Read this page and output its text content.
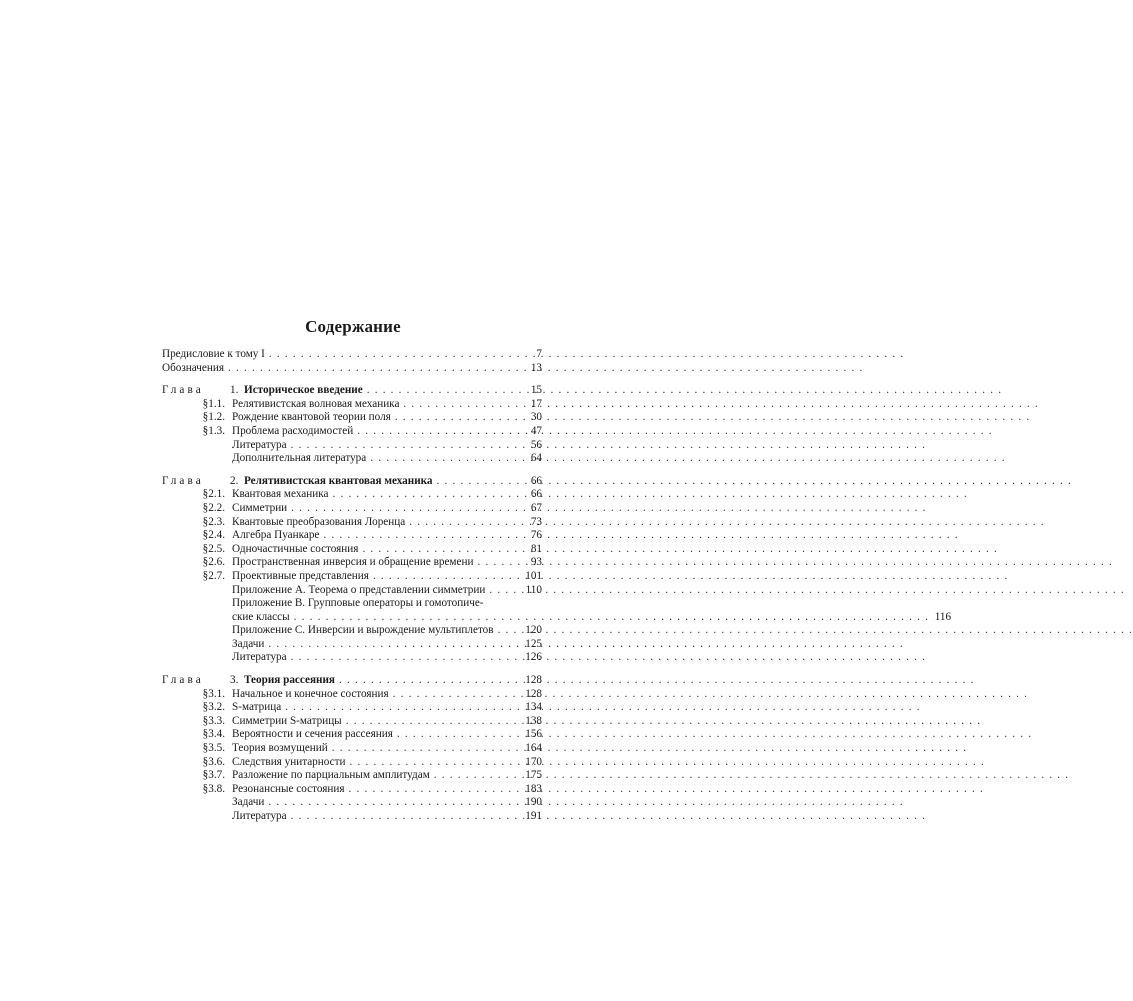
Содержание
Предисловие к тому I . . .	7
Обозначения . . .	13
Глава	1. Историческое введение . . .	15
§1.1. Релятивистская волновая механика . . .	17
§1.2. Рождение квантовой теории поля . . .	30
§1.3. Проблема расходимостей . . .	47
Литература . . .	56
Дополнительная литература . . .	64
Глава	2. Релятивистская квантовая механика . . .	66
§2.1. Квантовая механика . . .	66
§2.2. Симметрии . . .	67
§2.3. Квантовые преобразования Лоренца . . .	73
§2.4. Алгебра Пуанкаре . . .	76
§2.5. Одночастичные состояния . . .	81
§2.6. Пространственная инверсия и обращение времени . . .	93
§2.7. Проективные представления . . .	101
Приложение A. Теорема о представлении симметрии . . .	110
Приложение B. Групповые операторы и гомотопиче-
ские классы . . .	116
Приложение C. Инверсии и вырождение мультиплетов . . .	120
Задачи . . .	125
Литература . . .	126
Глава	3. Теория рассеяния . . .	128
§3.1. Начальное и конечное состояния . . .	128
§3.2. S-матрица . . .	134
§3.3. Симметрии S-матрицы . . .	138
§3.4. Вероятности и сечения рассеяния . . .	156
§3.5. Теория возмущений . . .	164
§3.6. Следствия унитарности . . .	170
§3.7. Разложение по парциальным амплитудам . . .	175
§3.8. Резонансные состояния . . .	183
Задачи . . .	190
Литература . . .	191
